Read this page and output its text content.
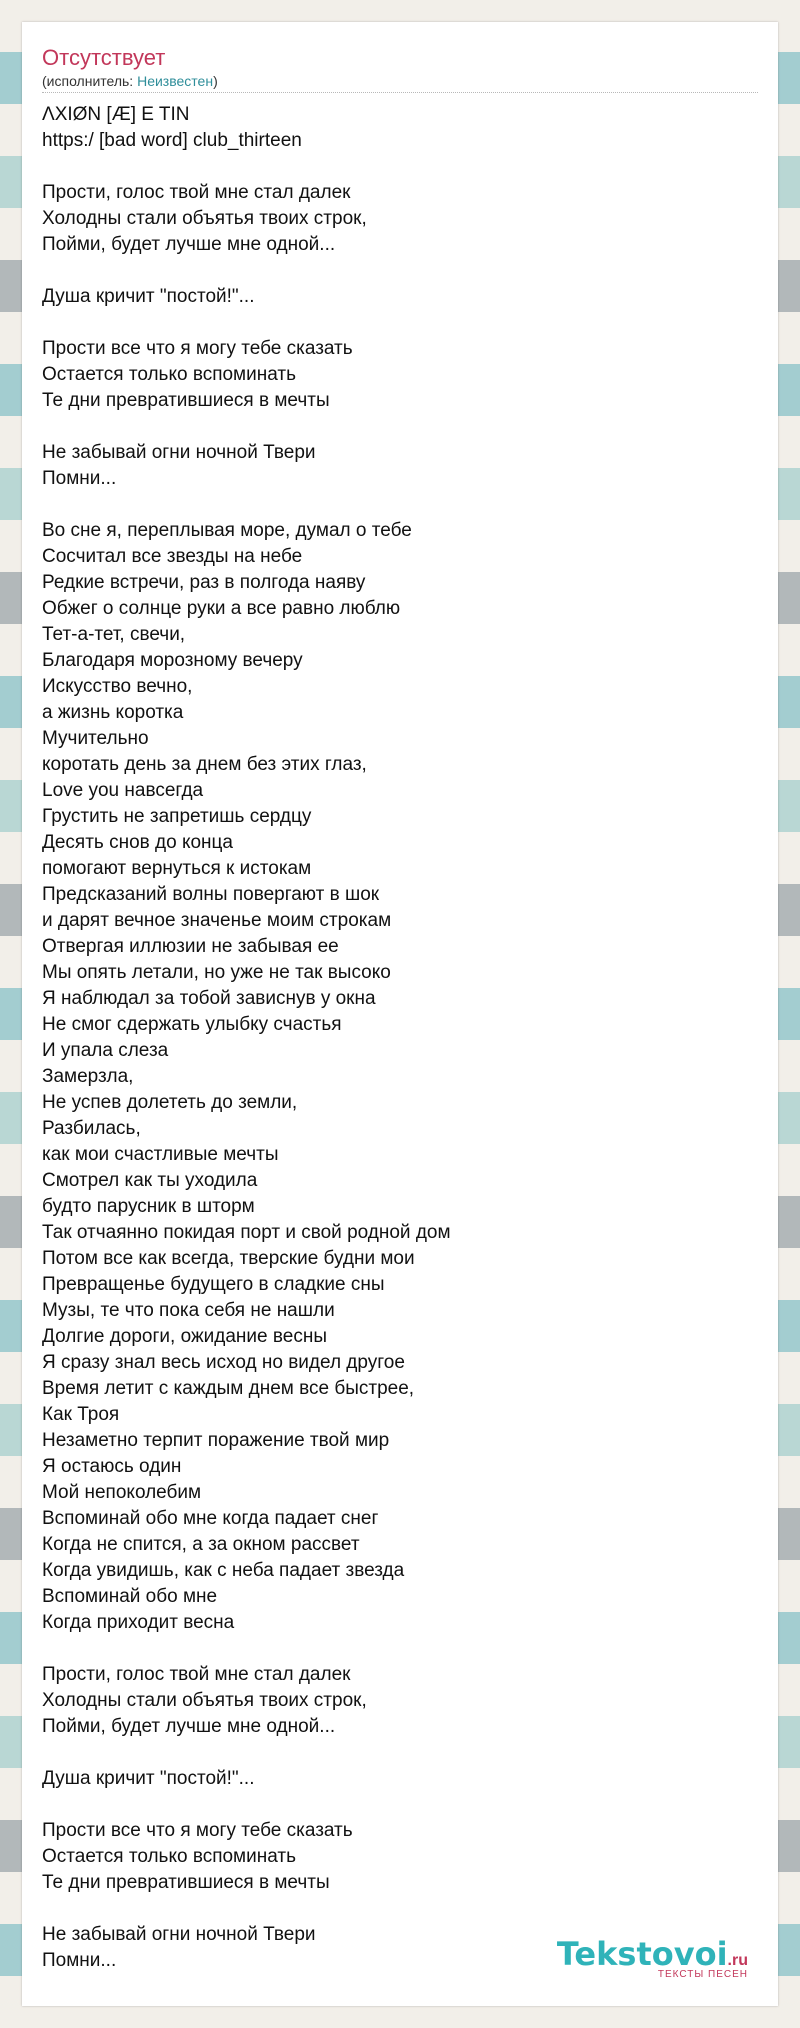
Отсутствует
(исполнитель: Неизвестен)
ΛXIØN [Æ] E TIN
https:/ [bad word] club_thirteen
Прости, голос твой мне стал далек
Холодны стали объятья твоих строк,
Пойми, будет лучше мне одной...
Душа кричит "постой!"...
Прости все что я могу тебе сказать
Остается только вспоминать
Те дни превратившиеся в мечты
Не забывай огни ночной Твери
Помни...
Во сне я, переплывая море, думал о тебе
Сосчитал все звезды на небе
Редкие встречи, раз в полгода наяву
Обжег о солнце руки а все равно люблю
Тет-а-тет, свечи,
Благодаря морозному вечеру
Искусство вечно,
а жизнь коротка
Мучительно
коротать день за днем без этих глаз,
Love you навсегда
Грустить не запретишь сердцу
Десять снов до конца
помогают вернуться к истокам
Предсказаний волны повергают в шок
и дарят вечное значенье моим строкам
Отвергая иллюзии не забывая ее
Мы опять летали, но уже не так высоко
Я наблюдал за тобой зависнув у окна
Не смог сдержать улыбку счастья
И упала слеза
Замерзла,
Не успев долететь до земли,
Разбилась,
как мои счастливые мечты
Смотрел как ты уходила
будто парусник в шторм
Так отчаянно покидая порт и свой родной дом
Потом все как всегда, тверские будни мои
Превращенье будущего в сладкие сны
Музы, те что пока себя не нашли
Долгие дороги, ожидание весны
Я сразу знал весь исход но видел другое
Время летит с каждым днем все быстрее,
Как Троя
Незаметно терпит поражение твой мир
Я остаюсь один
Мой непоколебим
Вспоминай обо мне когда падает снег
Когда не спится, а за окном рассвет
Когда увидишь, как с неба падает звезда
Вспоминай обо мне
Когда приходит весна
Прости, голос твой мне стал далек
Холодны стали объятья твоих строк,
Пойми, будет лучше мне одной...
Душа кричит "постой!"...
Прости все что я могу тебе сказать
Остается только вспоминать
Те дни превратившиеся в мечты
Не забывай огни ночной Твери
Помни...	Tekstovoi.ru
ТЕКСТЫ ПЕСЕН
